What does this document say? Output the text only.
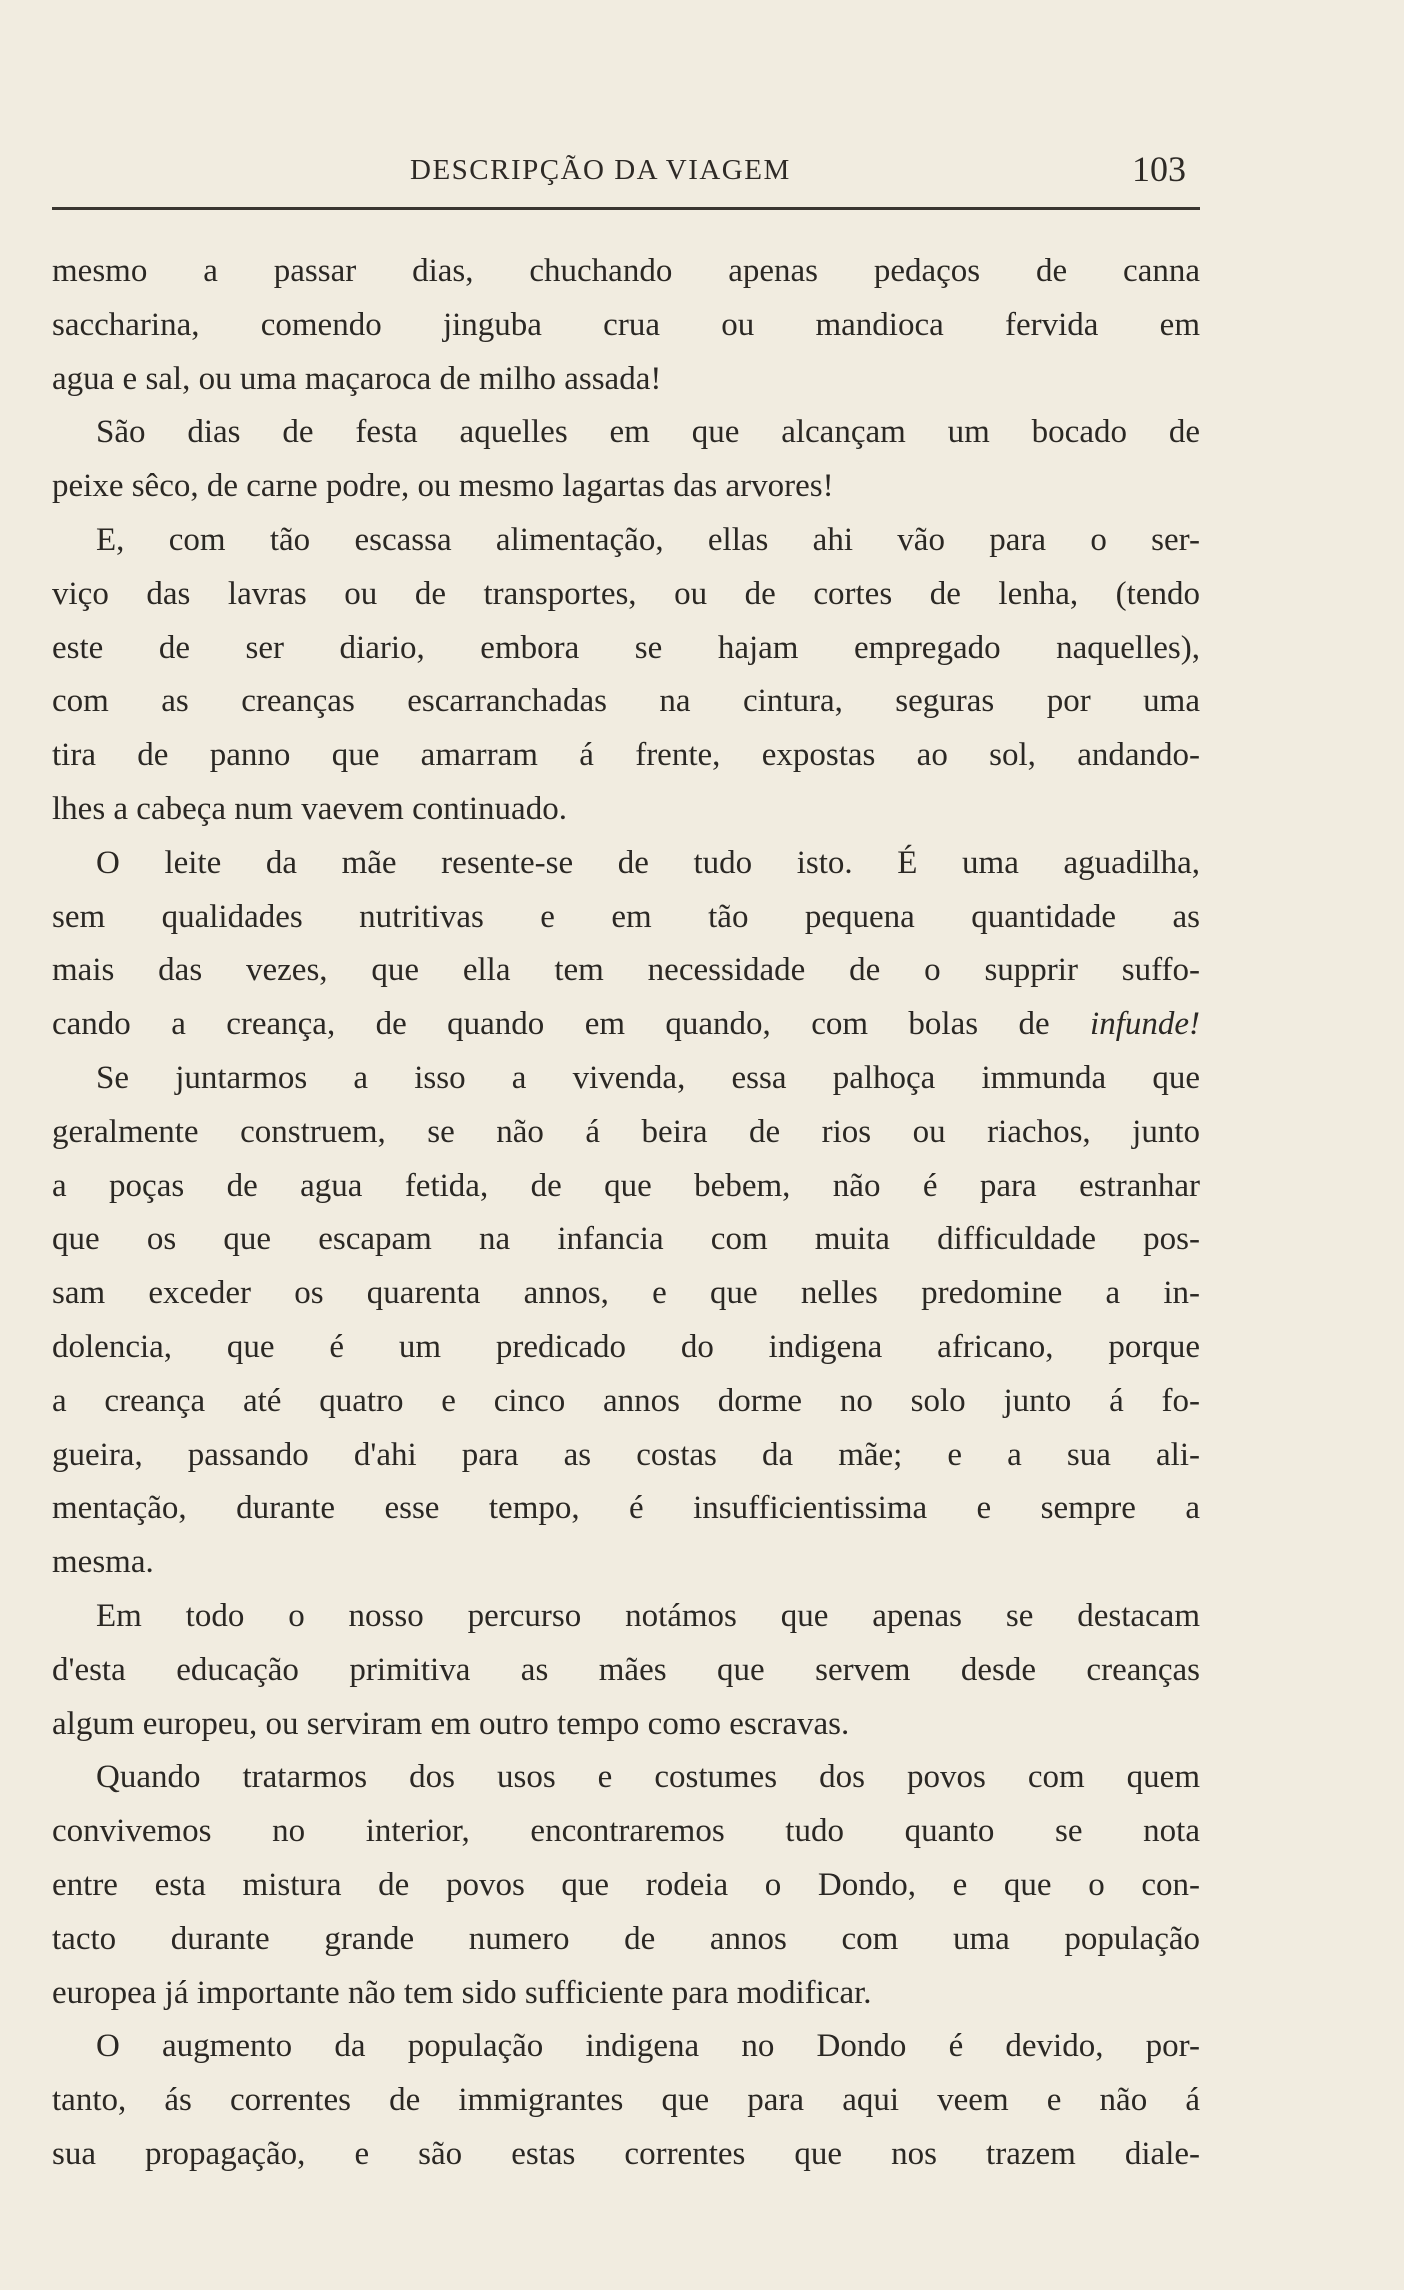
DESCRIPÇÃO DA VIAGEM	103
mesmo a passar dias, chuchando apenas pedaços de canna
saccharina, comendo jinguba crua ou mandioca fervida em
agua e sal, ou uma maçaroca de milho assada!
São dias de festa aquelles em que alcançam um bocado de
peixe sêco, de carne podre, ou mesmo lagartas das arvores!
E, com tão escassa alimentação, ellas ahi vão para o ser-
viço das lavras ou de transportes, ou de cortes de lenha, (tendo
este de ser diario, embora se hajam empregado naquelles),
com as creanças escarranchadas na cintura, seguras por uma
tira de panno que amarram á frente, expostas ao sol, andando-
lhes a cabeça num vaevem continuado.
O leite da mãe resente-se de tudo isto. É uma aguadilha,
sem qualidades nutritivas e em tão pequena quantidade as
mais das vezes, que ella tem necessidade de o supprir suffo-
cando a creança, de quando em quando, com bolas de infunde!
Se juntarmos a isso a vivenda, essa palhoça immunda que
geralmente construem, se não á beira de rios ou riachos, junto
a poças de agua fetida, de que bebem, não é para estranhar
que os que escapam na infancia com muita difficuldade pos-
sam exceder os quarenta annos, e que nelles predomine a in-
dolencia, que é um predicado do indigena africano, porque
a creança até quatro e cinco annos dorme no solo junto á fo-
gueira, passando d'ahi para as costas da mãe; e a sua ali-
mentação, durante esse tempo, é insufficientissima e sempre a
mesma.
Em todo o nosso percurso notámos que apenas se destacam
d'esta educação primitiva as mães que servem desde creanças
algum europeu, ou serviram em outro tempo como escravas.
Quando tratarmos dos usos e costumes dos povos com quem
convivemos no interior, encontraremos tudo quanto se nota
entre esta mistura de povos que rodeia o Dondo, e que o con-
tacto durante grande numero de annos com uma população
europea já importante não tem sido sufficiente para modificar.
O augmento da população indigena no Dondo é devido, por-
tanto, ás correntes de immigrantes que para aqui veem e não á
sua propagação, e são estas correntes que nos trazem diale-
